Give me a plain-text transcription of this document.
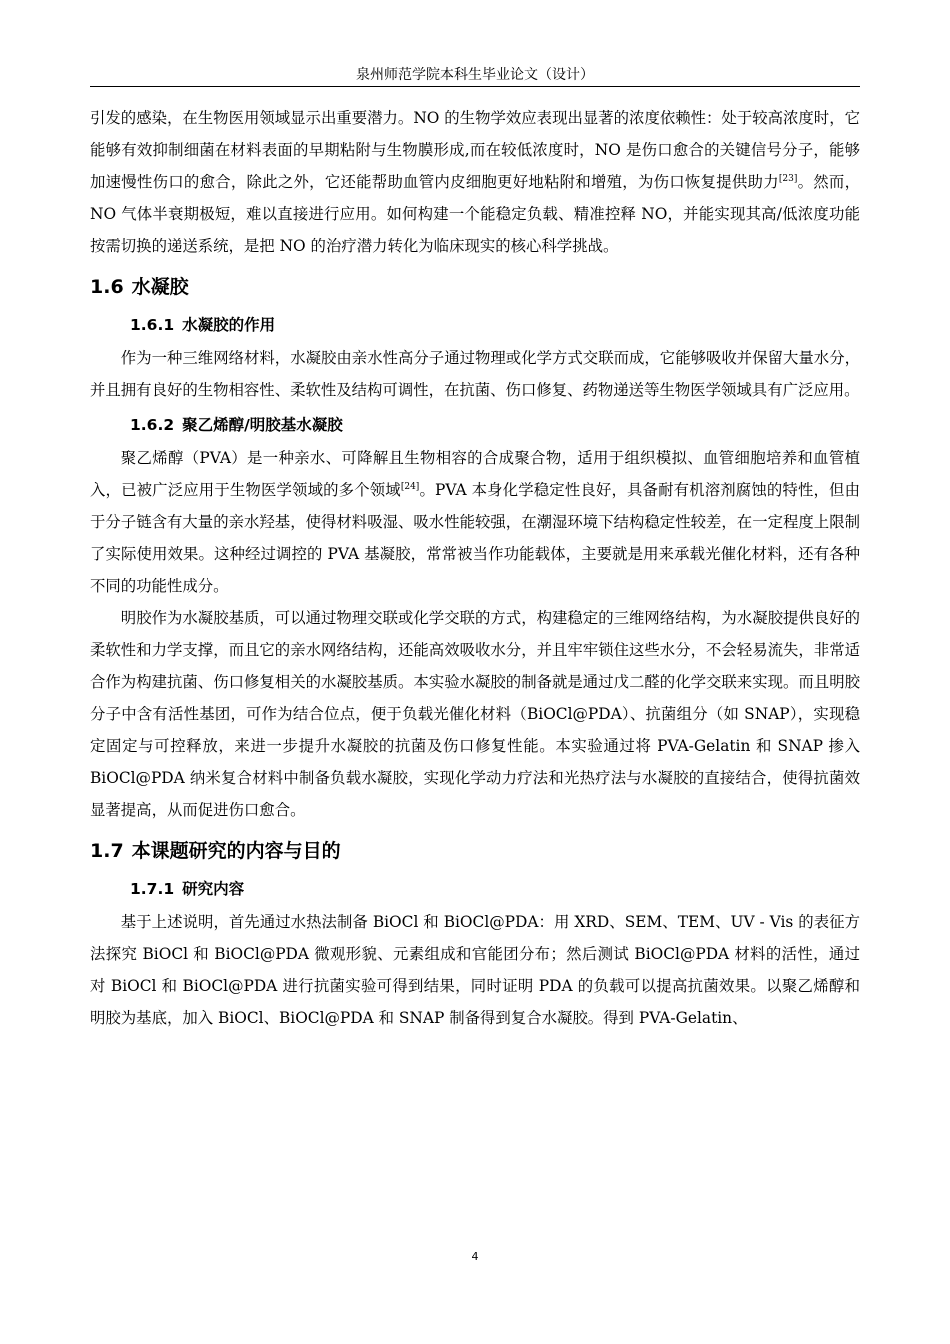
泉州师范学院本科生毕业论文（设计）

引发的感染，在生物医用领域显示出重要潜力。NO 的生物学效应表现出显著的浓度依赖性：处于较高浓度时，它能够有效抑制细菌在材料表面的早期粘附与生物膜形成,而在较低浓度时，NO 是伤口愈合的关键信号分子，能够加速慢性伤口的愈合，除此之外，它还能帮助血管内皮细胞更好地粘附和增殖，为伤口恢复提供助力[23]。然而，NO 气体半衰期极短，难以直接进行应用。如何构建一个能稳定负载、精准控释 NO，并能实现其高/低浓度功能按需切换的递送系统，是把 NO 的治疗潜力转化为临床现实的核心科学挑战。

1.6 水凝胶
1.6.1 水凝胶的作用

作为一种三维网络材料，水凝胶由亲水性高分子通过物理或化学方式交联而成，它能够吸收并保留大量水分，并且拥有良好的生物相容性、柔软性及结构可调性，在抗菌、伤口修复、药物递送等生物医学领域具有广泛应用。

1.6.2 聚乙烯醇/明胶基水凝胶

聚乙烯醇（PVA）是一种亲水、可降解且生物相容的合成聚合物，适用于组织模拟、血管细胞培养和血管植入，已被广泛应用于生物医学领域的多个领域[24]。PVA 本身化学稳定性良好，具备耐有机溶剂腐蚀的特性，但由于分子链含有大量的亲水羟基，使得材料吸湿、吸水性能较强，在潮湿环境下结构稳定性较差，在一定程度上限制了实际使用效果。这种经过调控的 PVA 基凝胶，常常被当作功能载体，主要就是用来承载光催化材料，还有各种不同的功能性成分。

明胶作为水凝胶基质，可以通过物理交联或化学交联的方式，构建稳定的三维网络结构，为水凝胶提供良好的柔软性和力学支撑，而且它的亲水网络结构，还能高效吸收水分，并且牢牢锁住这些水分，不会轻易流失，非常适合作为构建抗菌、伤口修复相关的水凝胶基质。本实验水凝胶的制备就是通过戊二醛的化学交联来实现。而且明胶分子中含有活性基团，可作为结合位点，便于负载光催化材料（BiOCl@PDA）、抗菌组分（如 SNAP），实现稳定固定与可控释放，来进一步提升水凝胶的抗菌及伤口修复性能。本实验通过将 PVA-Gelatin 和 SNAP 掺入 BiOCl@PDA 纳米复合材料中制备负载水凝胶，实现化学动力疗法和光热疗法与水凝胶的直接结合，使得抗菌效显著提高，从而促进伤口愈合。

1.7 本课题研究的内容与目的
1.7.1 研究内容

基于上述说明，首先通过水热法制备 BiOCl 和 BiOCl@PDA：用 XRD、SEM、TEM、UV - Vis 的表征方法探究 BiOCl 和 BiOCl@PDA 微观形貌、元素组成和官能团分布；然后测试 BiOCl@PDA 材料的活性，通过对 BiOCl 和 BiOCl@PDA 进行抗菌实验可得到结果，同时证明 PDA 的负载可以提高抗菌效果。以聚乙烯醇和明胶为基底，加入 BiOCl、BiOCl@PDA 和 SNAP 制备得到复合水凝胶。得到 PVA-Gelatin、

4
